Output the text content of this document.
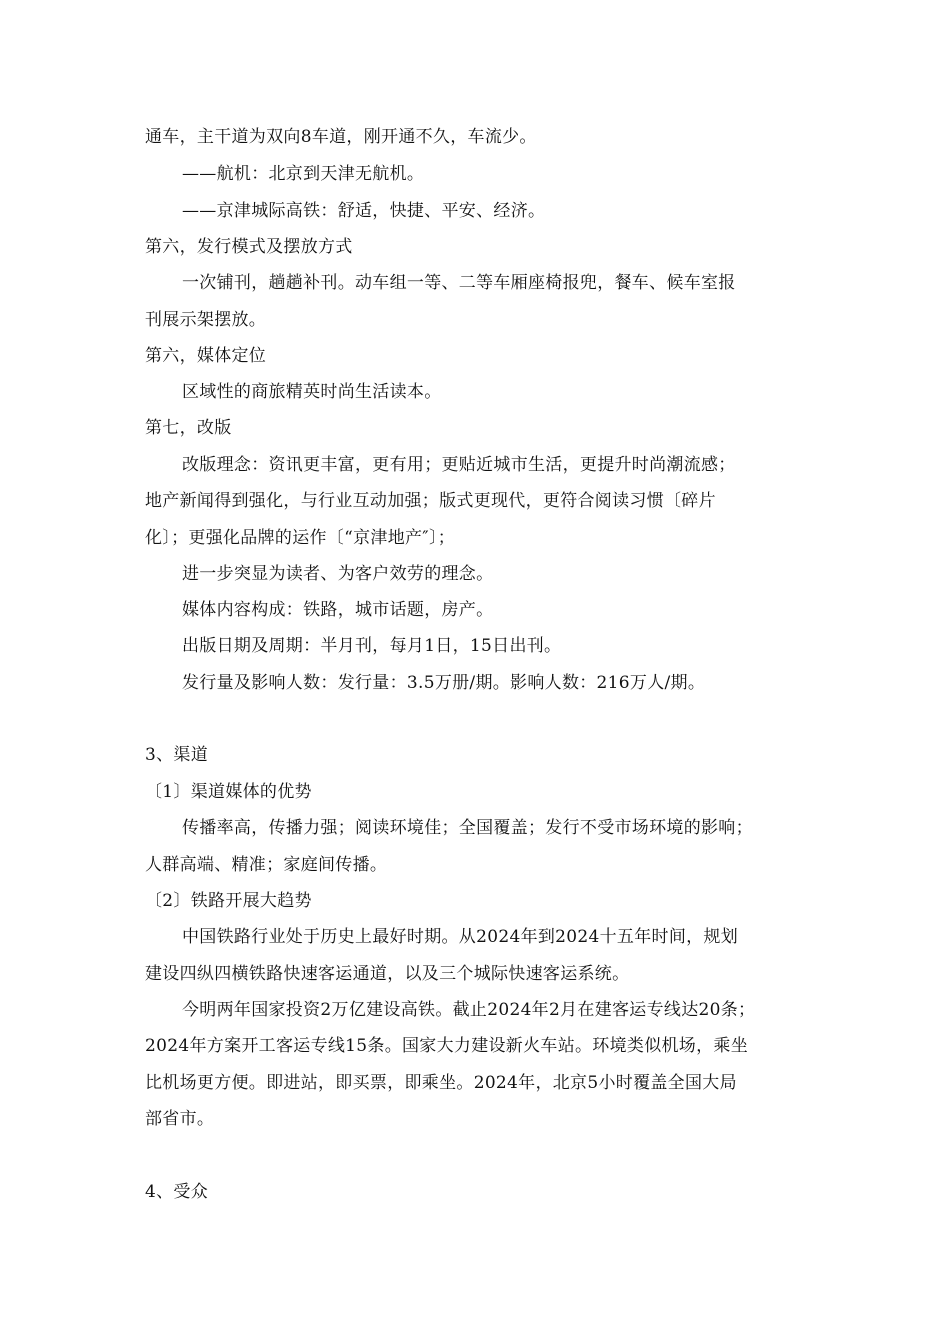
通车，主干道为双向8车道，刚开通不久，车流少。
——航机：北京到天津无航机。
——京津城际高铁：舒适，快捷、平安、经济。
第六，发行模式及摆放方式
一次铺刊，趟趟补刊。动车组一等、二等车厢座椅报兜，餐车、候车室报
刊展示架摆放。
第六，媒体定位
区域性的商旅精英时尚生活读本。
第七，改版
改版理念：资讯更丰富，更有用；更贴近城市生活，更提升时尚潮流感；
地产新闻得到强化，与行业互动加强；版式更现代，更符合阅读习惯〔碎片
化〕；更强化品牌的运作〔“京津地产″〕；
进一步突显为读者、为客户效劳的理念。
媒体内容构成：铁路，城市话题，房产。
出版日期及周期：半月刊，每月1日，15日出刊。
发行量及影响人数：发行量：3.5万册/期。影响人数：216万人/期。
3、渠道
〔1〕渠道媒体的优势
传播率高，传播力强；阅读环境佳；全国覆盖；发行不受市场环境的影响；
人群高端、精准；家庭间传播。
〔2〕铁路开展大趋势
中国铁路行业处于历史上最好时期。从2024年到2024十五年时间，规划
建设四纵四横铁路快速客运通道，以及三个城际快速客运系统。
今明两年国家投资2万亿建设高铁。截止2024年2月在建客运专线达20条；
2024年方案开工客运专线15条。国家大力建设新火车站。环境类似机场，乘坐
比机场更方便。即进站，即买票，即乘坐。2024年，北京5小时覆盖全国大局
部省市。
4、受众
